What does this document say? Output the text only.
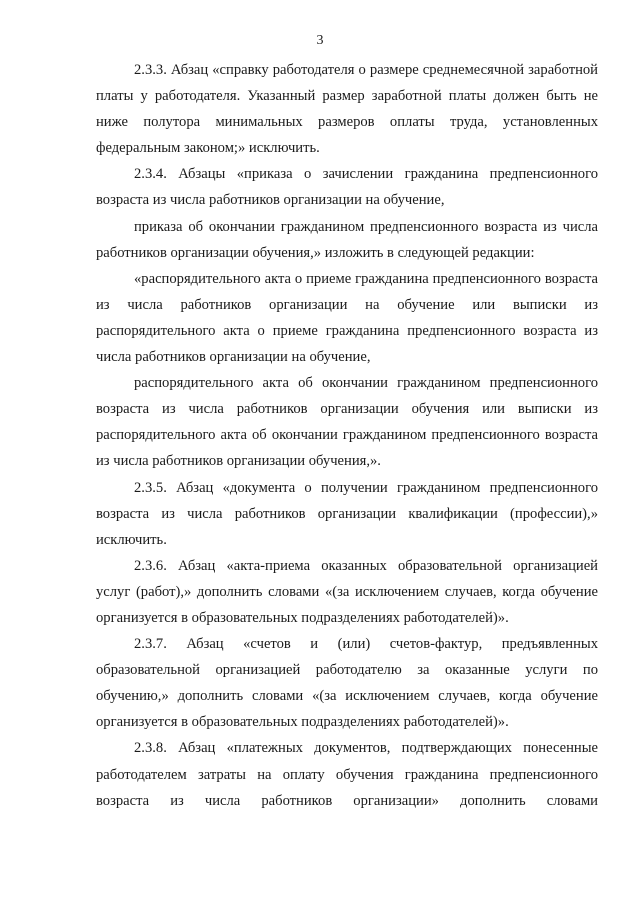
3

2.3.3. Абзац «справку работодателя о размере среднемесячной заработной платы у работодателя. Указанный размер заработной платы должен быть не ниже полутора минимальных размеров оплаты труда, установленных федеральным законом;» исключить.

2.3.4. Абзацы «приказа о зачислении гражданина предпенсионного возраста из числа работников организации на обучение,

приказа об окончании гражданином предпенсионного возраста из числа работников организации обучения,» изложить в следующей редакции:

«распорядительного акта о приеме гражданина предпенсионного возраста из числа работников организации на обучение или выписки из распорядительного акта о приеме гражданина предпенсионного возраста из числа работников организации на обучение,

распорядительного акта об окончании гражданином предпенсионного возраста из числа работников организации обучения или выписки из распорядительного акта об окончании гражданином предпенсионного возраста из числа работников организации обучения,».

2.3.5. Абзац «документа о получении гражданином предпенсионного возраста из числа работников организации квалификации (профессии),» исключить.

2.3.6. Абзац «акта-приема оказанных образовательной организацией услуг (работ),» дополнить словами «(за исключением случаев, когда обучение организуется в образовательных подразделениях работодателей)».

2.3.7. Абзац «счетов и (или) счетов-фактур, предъявленных образовательной организацией работодателю за оказанные услуги по обучению,» дополнить словами «(за исключением случаев, когда обучение организуется в образовательных подразделениях работодателей)».

2.3.8. Абзац «платежных документов, подтверждающих понесенные работодателем затраты на оплату обучения гражданина предпенсионного возраста из числа работников организации» дополнить словами
